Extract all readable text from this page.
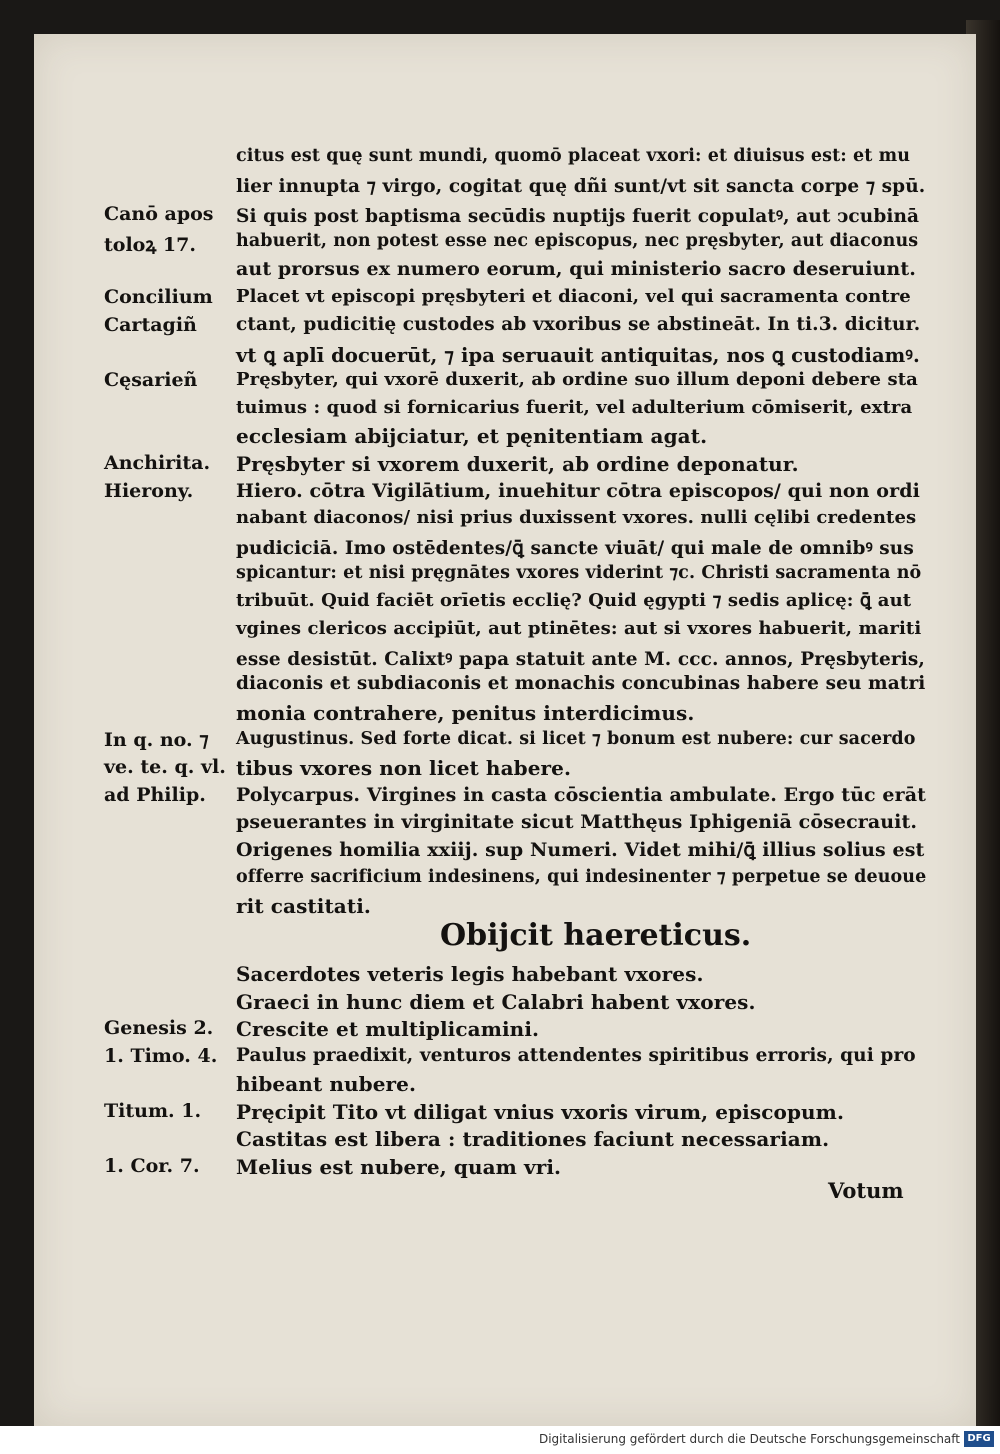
citus est quę sunt mundi, quomō placeat vxori: et diuisus est: et mu
lier innupta ⁊ virgo, cogitat quę dñi sunt/vt sit sancta corpe ⁊ spū.
Si quis post baptisma secūdis nuptijs fuerit copulatꝰ, aut ↄcubinā
habuerit, non potest esse nec episcopus, nec pręsbyter, aut diaconus
aut prorsus ex numero eorum, qui ministerio sacro deseruiunt.
Placet vt episcopi pręsbyteri et diaconi, vel qui sacramenta contre
ctant, pudicitię custodes ab vxoribus se abstineāt. In ti.3. dicitur.
vt ꝗ aplī docuerūt, ⁊ ipa seruauit antiquitas, nos ꝗ custodiamꝰ.
Pręsbyter, qui vxorē duxerit, ab ordine suo illum deponi debere sta
tuimus : quod si fornicarius fuerit, vel adulterium cōmiserit, extra
ecclesiam abijciatur, et pęnitentiam agat.
Pręsbyter si vxorem duxerit, ab ordine deponatur.
Hiero. cōtra Vigilātium, inuehitur cōtra episcopos/ qui non ordi
nabant diaconos/ nisi prius duxissent vxores. nulli cęlibi credentes
pudiciciā. Imo ostēdentes/ꝗ̄ sancte viuāt/ qui male de omnibꝰ sus
spicantur: et nisi pręgnātes vxores viderint ⁊c. Christi sacramenta nō
tribuūt. Quid faciēt orīetis ecclię? Quid ęgypti ⁊ sedis aplicę: ꝗ̄ aut
vgines clericos accipiūt, aut ptinētes: aut si vxores habuerit, mariti
esse desistūt. Calixtꝰ papa statuit ante M. ccc. annos, Pręsbyteris,
diaconis et subdiaconis et monachis concubinas habere seu matri
monia contrahere, penitus interdicimus.
Augustinus. Sed forte dicat. si licet ⁊ bonum est nubere: cur sacerdo
tibus vxores non licet habere.
Polycarpus. Virgines in casta cōscientia ambulate. Ergo tūc erāt
pseuerantes in virginitate sicut Matthęus Iphigeniā cōsecrauit.
Origenes homilia xxiij. sup Numeri. Videt mihi/ꝗ̄ illius solius est
offerre sacrificium indesinens, qui indesinenter ⁊ perpetue se deuoue
rit castitati.
Obijcit haereticus.
Sacerdotes veteris legis habebant vxores.
Graeci in hunc diem et Calabri habent vxores.
Crescite et multiplicamini.
Paulus praedixit, venturos attendentes spiritibus erroris, qui pro
hibeant nubere.
Pręcipit Tito vt diligat vnius vxoris virum, episcopum.
Castitas est libera : traditiones faciunt necessariam.
Melius est nubere, quam vri.
Votum
Canō apos
toloꝝ 17.
Concilium
Cartagiñ
Cęsarieñ
Anchirita.
Hierony.
In q. no. ⁊
ve. te. q. vl.
ad Philip.
Genesis 2.
1. Timo. 4.
Titum. 1.
1. Cor. 7.
Digitalisierung gefördert durch die Deutsche Forschungsgemeinschaft DFG
